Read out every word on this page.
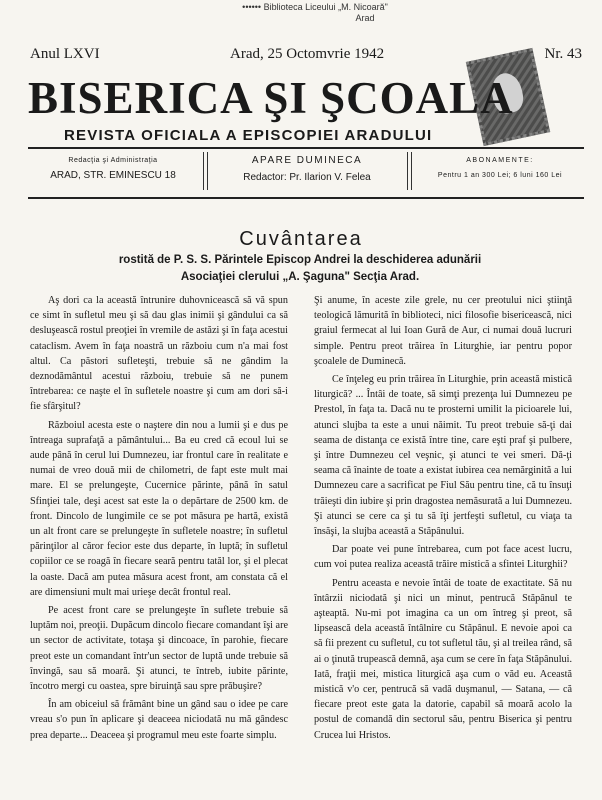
•••••• Biblioteca Liceului „M. Nicoară"
Arad
Anul LXVI	Arad, 25 Octomvrie 1942	Nr. 43
BISERICA ŞI ŞCOALA
REVISTA OFICIALA A EPISCOPIEI ARADULUI
Redacţia şi Administraţia
ARAD, STR. EMINESCU 18
APARE DUMINECA
Redactor: Pr. Ilarion V. Felea
ABONAMENTE:
Pentru 1 an 300 Lei; 6 luni 160 Lei
Cuvântarea
rostită de P. S. S. Părintele Episcop Andrei la deschiderea adunării
Asociaţiei clerului „A. Şaguna" Secţia Arad.

Aş dori ca la această întrunire duhovnicească să vă spun ce simt în sufletul meu şi să dau glas inimii şi gândului ca să desluşească rostul preoţiei în vremile de astăzi şi în faţa acestui cataclism. Avem în faţa noastră un războiu cum n'a mai fost altul. Ca păstori sufleteşti, trebuie să ne gândim la deznodământul acestui războiu, trebuie să ne punem întrebarea: ce naşte el în sufletele noastre şi cum am dori să-i fie sfârşitul?

Războiul acesta este o naştere din nou a lumii şi e dus pe întreaga suprafaţă a pământului... Ba eu cred că ecoul lui se aude până în cerul lui Dumnezeu, iar frontul care în realitate e numai de vreo două mii de chilometri, de fapt este mult mai mare. El se prelungeşte, Cucernice părinte, până în satul Sfinţiei tale, deşi acest sat este la o depărtare de 2500 km. de front. Dincolo de lungimile ce se pot măsura pe hartă, există un alt front care se prelungeşte în sufletele noastre; în sufletul părinţilor al căror fecior este dus departe, în luptă; în sufletul copiilor ce se roagă în fiecare seară pentru tatăl lor, şi el plecat la oaste. Dacă am putea măsura acest front, am constata că el are dimensiuni mult mai urieşe decât frontul real.

Pe acest front care se prelungeşte în suflete trebuie să luptăm noi, preoţii. Dupăcum dincolo fiecare comandant îşi are un sector de activitate, totaşa şi dincoace, în parohie, fiecare preot este un comandant într'un sector de luptă unde trebuie să învingă, sau să moară. Şi atunci, te întreb, iubite părinte, încotro mergi cu oastea, spre biruinţă sau spre prăbuşire?

În am obiceiul să frământ bine un gând sau o idee pe care vreau s'o pun în aplicare şi deaceea niciodată nu mă gândesc prea departe... Deaceea şi programul meu este foarte simplu.

Şi anume, în aceste zile grele, nu cer preotului nici ştiinţă teologică lămurită în biblioteci, nici filosofie bisericească, nici graiul fermecat al lui Ioan Gură de Aur, ci numai două lucruri simple. Pentru preot trăirea în Liturghie, iar pentru popor şcoalele de Duminecă.

Ce înţeleg eu prin trăirea în Liturghie, prin această mistică liturgică? ... Întâi de toate, să simţi prezenţa lui Dumnezeu pe Prestol, în faţa ta. Dacă nu te prosterni umilit la picioarele lui, atunci slujba ta este a unui năimit. Tu preot trebuie să-ţi dai seama de distanţa ce există între tine, care eşti praf şi pulbere, şi între Dumnezeu cel veşnic, şi atunci te vei smeri. Dă-ţi seama că înainte de toate a existat iubirea cea nemărginită a lui Dumnezeu care a sacrificat pe Fiul Său pentru tine, că tu însuţi trăieşti din iubire şi prin dragostea nemăsurată a lui Dumnezeu. Şi atunci se cere ca şi tu să îţi jertfeşti sufletul, cu viaţa ta însăşi, la slujba această a Stăpânului.

Dar poate vei pune întrebarea, cum pot face acest lucru, cum voi putea realiza această trăire mistică a sfintei Liturghii?

Pentru aceasta e nevoie întâi de toate de exactitate. Să nu întârzii niciodată şi nici un minut, pentrucă Stăpânul te aşteaptă. Nu-mi pot imagina ca un om întreg şi preot, să lipsească dela această întâlnire cu Stăpânul. E nevoie apoi ca să fii prezent cu sufletul, cu tot sufletul tău, şi al treilea rând, să ai o ţinută trupească demnă, aşa cum se cere în faţa Stăpânului. Iată, fraţii mei, mistica liturgică aşa cum o văd eu. Această mistică v'o cer, pentrucă să vadă duşmanul, — Satana, — că fiecare preot este gata la datorie, capabil să moară acolo la postul de comandă din sectorul său, pentru Biserica şi pentru Crucea lui Hristos.
